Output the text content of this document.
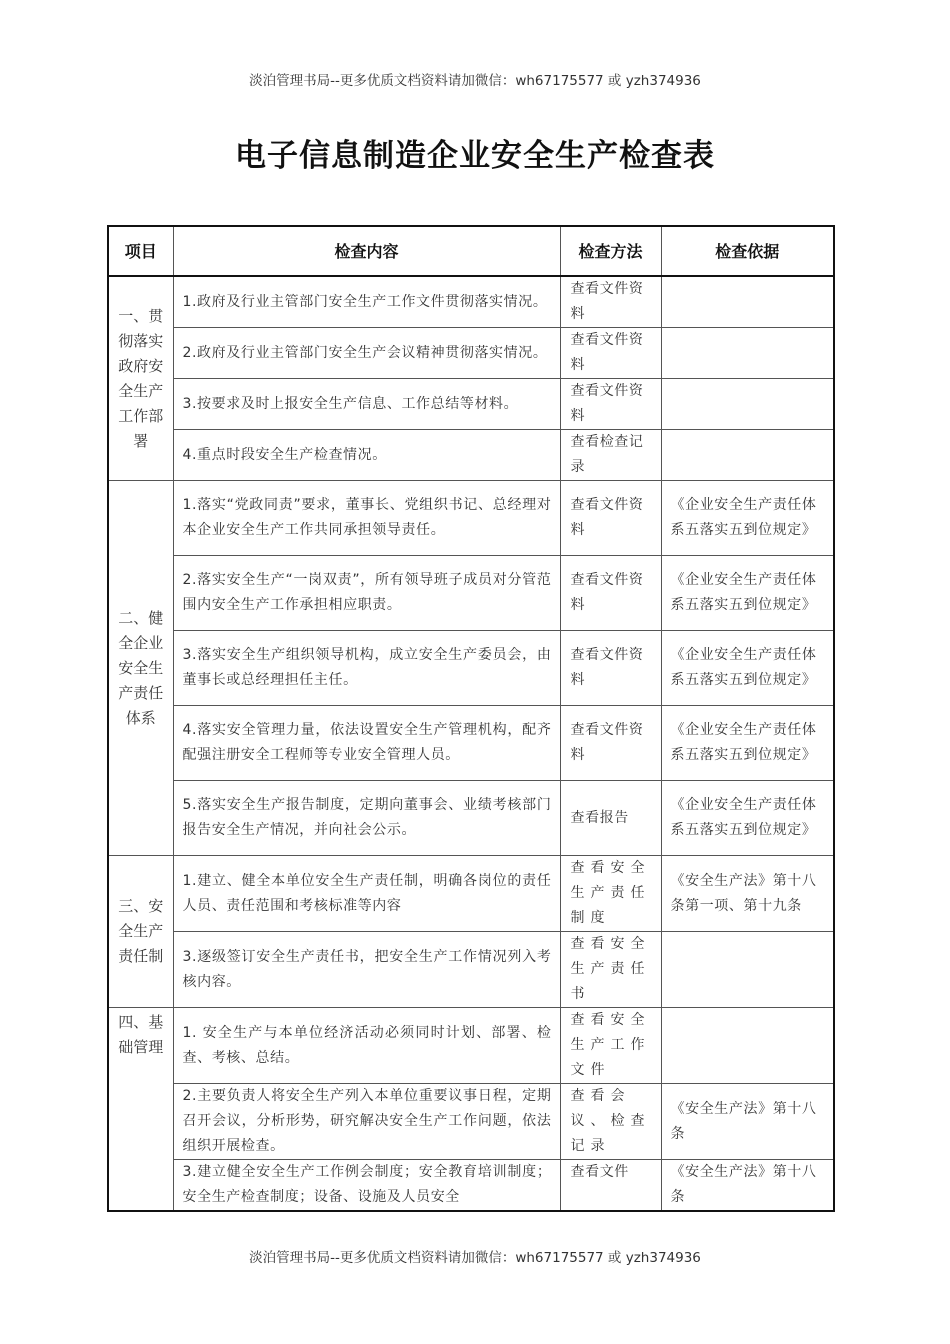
淡泊管理书局--更多优质文档资料请加微信：wh67175577 或 yzh374936
电子信息制造企业安全生产检查表
项目	检查内容	检查方法	检查依据
一、贯彻落实政府安全生产工作部署	1.政府及行业主管部门安全生产工作文件贯彻落实情况。	查看文件资料	
	2.政府及行业主管部门安全生产会议精神贯彻落实情况。	查看文件资料	
	3.按要求及时上报安全生产信息、工作总结等材料。	查看文件资料	
	4.重点时段安全生产检查情况。	查看检查记录	
二、健全企业安全生产责任体系	1.落实“党政同责”要求，董事长、党组织书记、总经理对本企业安全生产工作共同承担领导责任。	查看文件资料	《企业安全生产责任体系五落实五到位规定》
	2.落实安全生产“一岗双责”，所有领导班子成员对分管范围内安全生产工作承担相应职责。	查看文件资料	《企业安全生产责任体系五落实五到位规定》
	3.落实安全生产组织领导机构，成立安全生产委员会，由董事长或总经理担任主任。	查看文件资料	《企业安全生产责任体系五落实五到位规定》
	4.落实安全管理力量，依法设置安全生产管理机构，配齐配强注册安全工程师等专业安全管理人员。	查看文件资料	《企业安全生产责任体系五落实五到位规定》
	5.落实安全生产报告制度，定期向董事会、业绩考核部门报告安全生产情况，并向社会公示。	查看报告	《企业安全生产责任体系五落实五到位规定》
三、安全生产责任制	1.建立、健全本单位安全生产责任制，明确各岗位的责任人员、责任范围和考核标准等内容	查看安全生产责任制度	《安全生产法》第十八条第一项、第十九条
	3.逐级签订安全生产责任书，把安全生产工作情况列入考核内容。	查看安全生产责任书	
四、基础管理	1. 安全生产与本单位经济活动必须同时计划、部署、检查、考核、总结。	查看安全生产工作文件	
	2.主要负责人将安全生产列入本单位重要议事日程，定期召开会议，分析形势，研究解决安全生产工作问题，依法组织开展检查。	查看会议、检查记录	《安全生产法》第十八条
	3.建立健全安全生产工作例会制度；安全教育培训制度；安全生产检查制度；设备、设施及人员安全	查看文件	《安全生产法》第十八条
淡泊管理书局--更多优质文档资料请加微信：wh67175577 或 yzh374936
